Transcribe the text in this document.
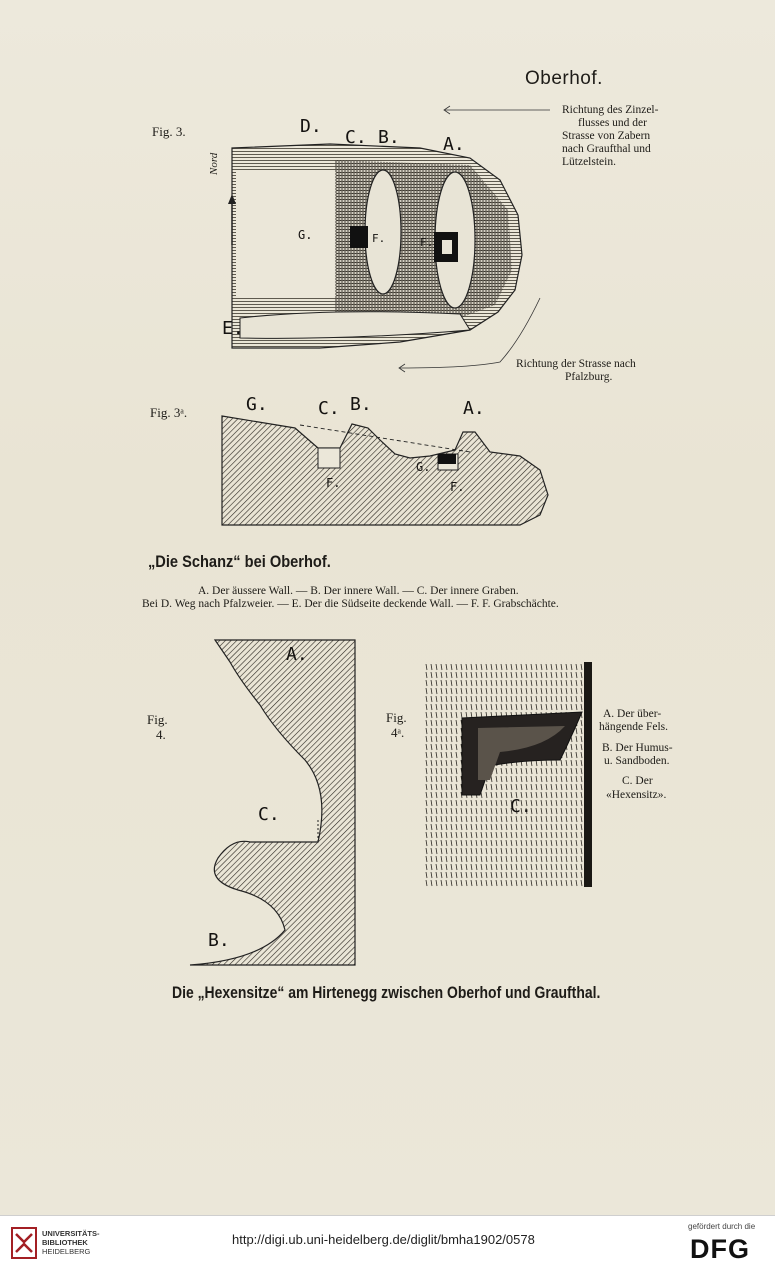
Oberhof.
Fig. 3.	D.
C. B. A.
E.
G.	F.	F.
Nord
Richtung des Zinzel-
flusses und der
Strasse von Zabern
nach Graufthal und
Lützelstein.
Richtung der Strasse nach
Pfalzburg.
Fig. 3ᵃ.	G.	C. B.	A.
F.	F.
G.
„Die Schanz“ bei Oberhof.
A. Der äussere Wall. — B. Der innere Wall. — C. Der innere Graben.
Bei D. Weg nach Pfalzweier. — E. Der die Südseite deckende Wall. — F. F. Grabschächte.
Fig.
4.
A.
C.
B.
Fig.
4ᵃ.
C.
A. Der über-
hängende Fels.
B. Der Humus-
u. Sandboden.
C. Der
«Hexensitz».
Die „Hexensitze“ am Hirtenegg zwischen Oberhof und Graufthal.
UNIVERSITÄTS-
BIBLIOTHEK
HEIDELBERG
http://digi.ub.uni-heidelberg.de/diglit/bmha1902/0578
gefördert durch die
DFG
